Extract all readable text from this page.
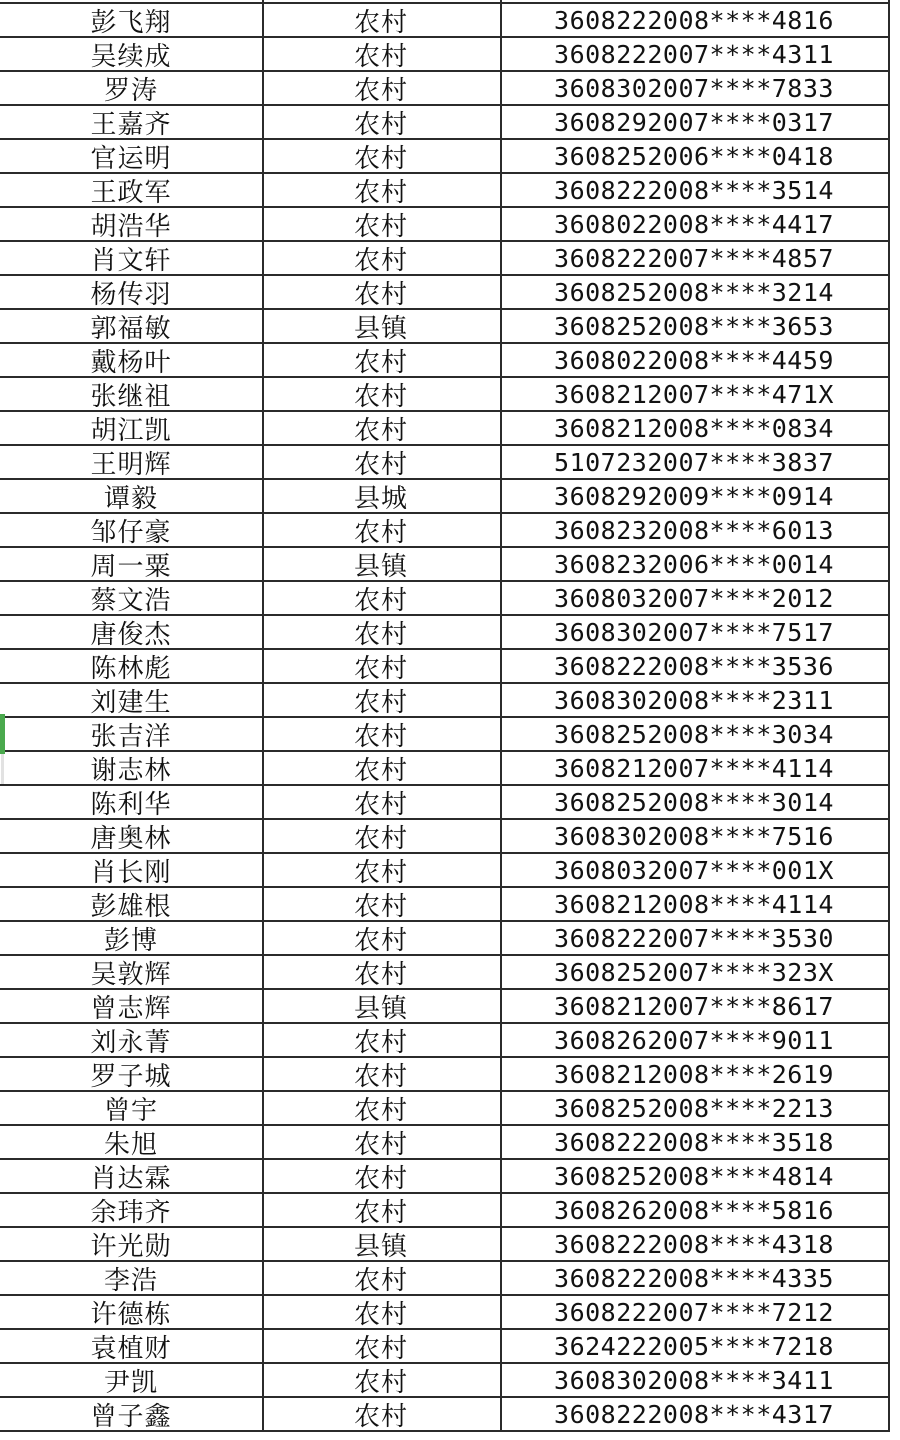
彭飞翔	农村	3608222008****4816
吴续成	农村	3608222007****4311
罗涛	农村	3608302007****7833
王嘉齐	农村	3608292007****0317
官运明	农村	3608252006****0418
王政军	农村	3608222008****3514
胡浩华	农村	3608022008****4417
肖文轩	农村	3608222007****4857
杨传羽	农村	3608252008****3214
郭福敏	县镇	3608252008****3653
戴杨叶	农村	3608022008****4459
张继祖	农村	3608212007****471X
胡江凯	农村	3608212008****0834
王明辉	农村	5107232007****3837
谭毅	县城	3608292009****0914
邹仔豪	农村	3608232008****6013
周一粟	县镇	3608232006****0014
蔡文浩	农村	3608032007****2012
唐俊杰	农村	3608302007****7517
陈林彪	农村	3608222008****3536
刘建生	农村	3608302008****2311
张吉洋	农村	3608252008****3034
谢志林	农村	3608212007****4114
陈利华	农村	3608252008****3014
唐奥林	农村	3608302008****7516
肖长刚	农村	3608032007****001X
彭雄根	农村	3608212008****4114
彭博	农村	3608222007****3530
吴敦辉	农村	3608252007****323X
曾志辉	县镇	3608212007****8617
刘永菁	农村	3608262007****9011
罗子城	农村	3608212008****2619
曾宇	农村	3608252008****2213
朱旭	农村	3608222008****3518
肖达霖	农村	3608252008****4814
余玮齐	农村	3608262008****5816
许光勋	县镇	3608222008****4318
李浩	农村	3608222008****4335
许德栋	农村	3608222007****7212
袁植财	农村	3624222005****7218
尹凯	农村	3608302008****3411
曾子鑫	农村	3608222008****4317
